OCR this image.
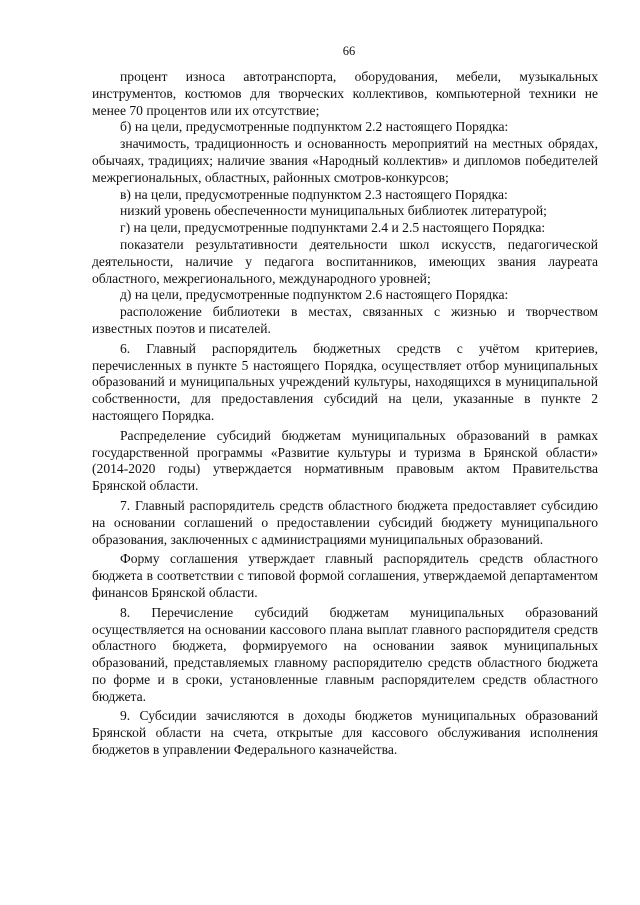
66

процент износа автотранспорта, оборудования, мебели, музыкальных инструментов, костюмов для творческих коллективов, компьютерной техники не менее 70 процентов или их отсутствие;

б) на цели, предусмотренные подпунктом 2.2 настоящего Порядка:

значимость, традиционность и основанность мероприятий на местных обрядах, обычаях, традициях; наличие звания «Народный коллектив» и дипломов победителей межрегиональных, областных, районных смотров-конкурсов;

в) на цели, предусмотренные подпунктом 2.3 настоящего Порядка:

низкий уровень обеспеченности муниципальных библиотек литературой;

г) на цели, предусмотренные подпунктами 2.4 и 2.5 настоящего Порядка:

показатели результативности деятельности школ искусств, педагогической деятельности, наличие у педагога воспитанников, имеющих звания лауреата областного, межрегионального, международного уровней;

д) на цели, предусмотренные подпунктом 2.6 настоящего Порядка:

расположение библиотеки в местах, связанных с жизнью и творчеством известных поэтов и писателей.

6. Главный распорядитель бюджетных средств с учётом критериев, перечисленных в пункте 5 настоящего Порядка, осуществляет отбор муниципальных образований и муниципальных учреждений культуры, находящихся в муниципальной собственности, для предоставления субсидий на цели, указанные в пункте 2 настоящего Порядка.

Распределение субсидий бюджетам муниципальных образований в рамках государственной программы «Развитие культуры и туризма в Брянской области» (2014-2020 годы) утверждается нормативным правовым актом Правительства Брянской области.

7. Главный распорядитель средств областного бюджета предоставляет субсидию на основании соглашений о предоставлении субсидий бюджету муниципального образования, заключенных с администрациями муниципальных образований.

Форму соглашения утверждает главный распорядитель средств областного бюджета в соответствии с типовой формой соглашения, утверждаемой департаментом финансов Брянской области.

8. Перечисление субсидий бюджетам муниципальных образований осуществляется на основании кассового плана выплат главного распорядителя средств областного бюджета, формируемого на основании заявок муниципальных образований, представляемых главному распорядителю средств областного бюджета по форме и в сроки, установленные главным распорядителем средств областного бюджета.

9. Субсидии зачисляются в доходы бюджетов муниципальных образований Брянской области на счета, открытые для кассового обслуживания исполнения бюджетов в управлении Федерального казначейства.
